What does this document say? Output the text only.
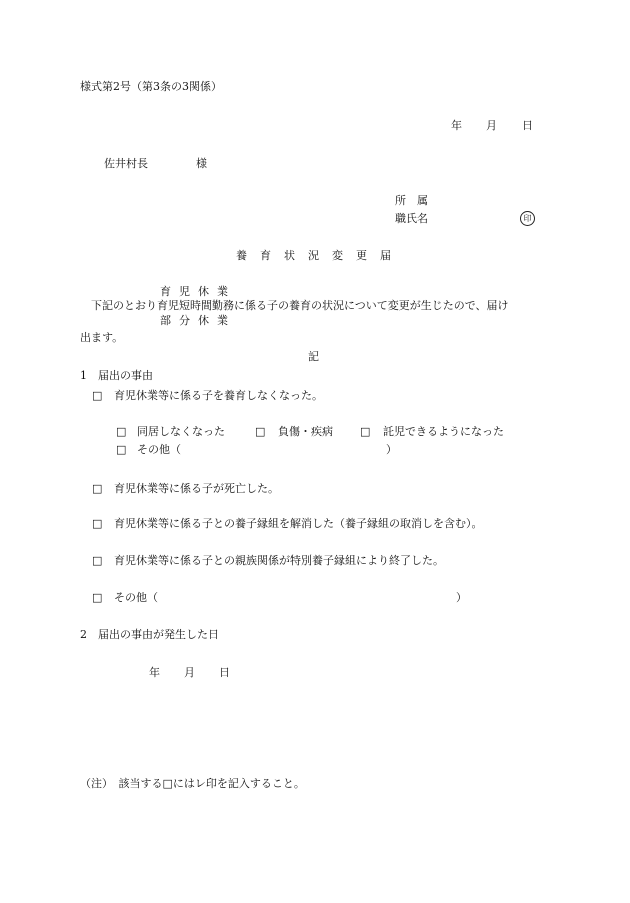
様式第2号（第3条の3関係）
年 月 日
佐井村長	様
所　属
職氏名	印
養育状況変更届
育児休業
下記のとおり育児短時間勤務に係る子の養育の状況について変更が生じたので、届け
部分休業
出ます。
記
1　届出の事由
□ 育児休業等に係る子を養育しなくなった。
□ 同居しなくなった	□ 負傷・疾病 □ 託児できるようになった
□ その他（	）
□ 育児休業等に係る子が死亡した。
□ 育児休業等に係る子との養子縁組を解消した（養子縁組の取消しを含む）。
□ 育児休業等に係る子との親族関係が特別養子縁組により終了した。
□ その他（	）
2　届出の事由が発生した日
年 月 日
（注）　該当する□にはレ印を記入すること。
